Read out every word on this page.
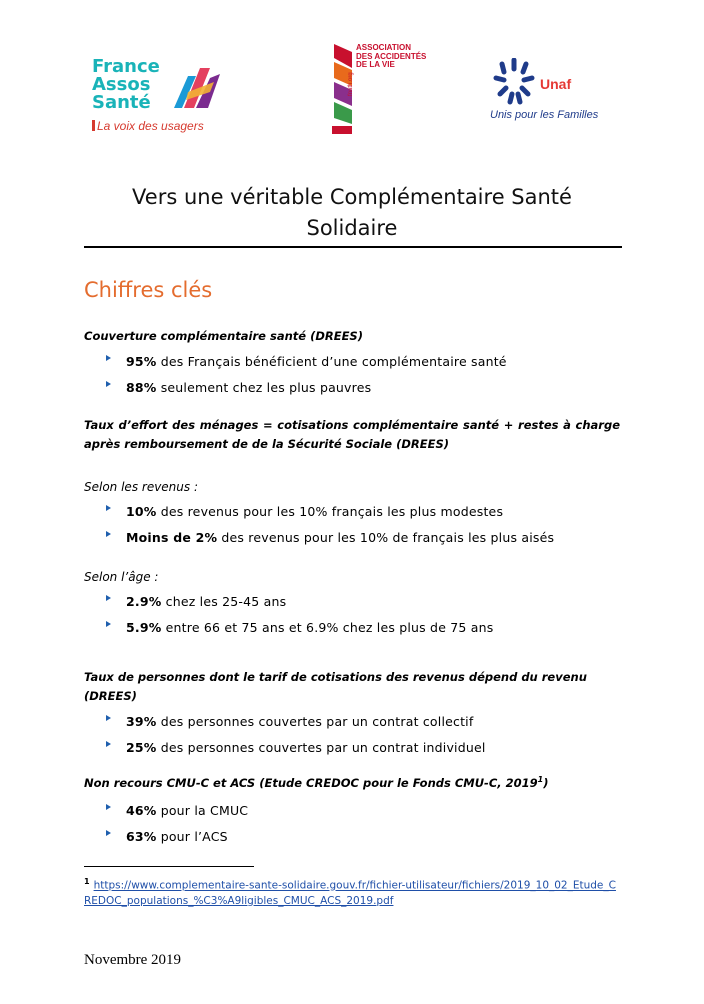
France
Assos
Santé
La voix des usagers
fnath.org
ASSOCIATION
DES ACCIDENTÉS
DE LA VIE
Unaf
Unis pour les Familles
Vers une véritable Complémentaire Santé
Solidaire
Chiffres clés
Couverture complémentaire santé (DREES)
95% des Français bénéficient d’une complémentaire santé
88% seulement chez les plus pauvres
Taux d’effort des ménages = cotisations complémentaire santé + restes à charge après remboursement de de la Sécurité Sociale (DREES)
Selon les revenus :
10% des revenus pour les 10% français les plus modestes
Moins de 2% des revenus pour les 10% de français les plus aisés
Selon l’âge :
2.9% chez les 25-45 ans
5.9% entre 66 et 75 ans et 6.9% chez les plus de 75 ans
Taux de personnes dont le tarif de cotisations des revenus dépend du revenu (DREES)
39% des personnes couvertes par un contrat collectif
25% des personnes couvertes par un contrat individuel
Non recours CMU-C et ACS (Etude CREDOC pour le Fonds CMU-C, 2019$^1$)
46% pour la CMUC
63% pour l’ACS
$^1$ https://www.complementaire-sante-solidaire.gouv.fr/fichier-utilisateur/fichiers/2019_10_02_Etude_CREDOC_populations_%C3%A9ligibles_CMUC_ACS_2019.pdf
Novembre 2019
